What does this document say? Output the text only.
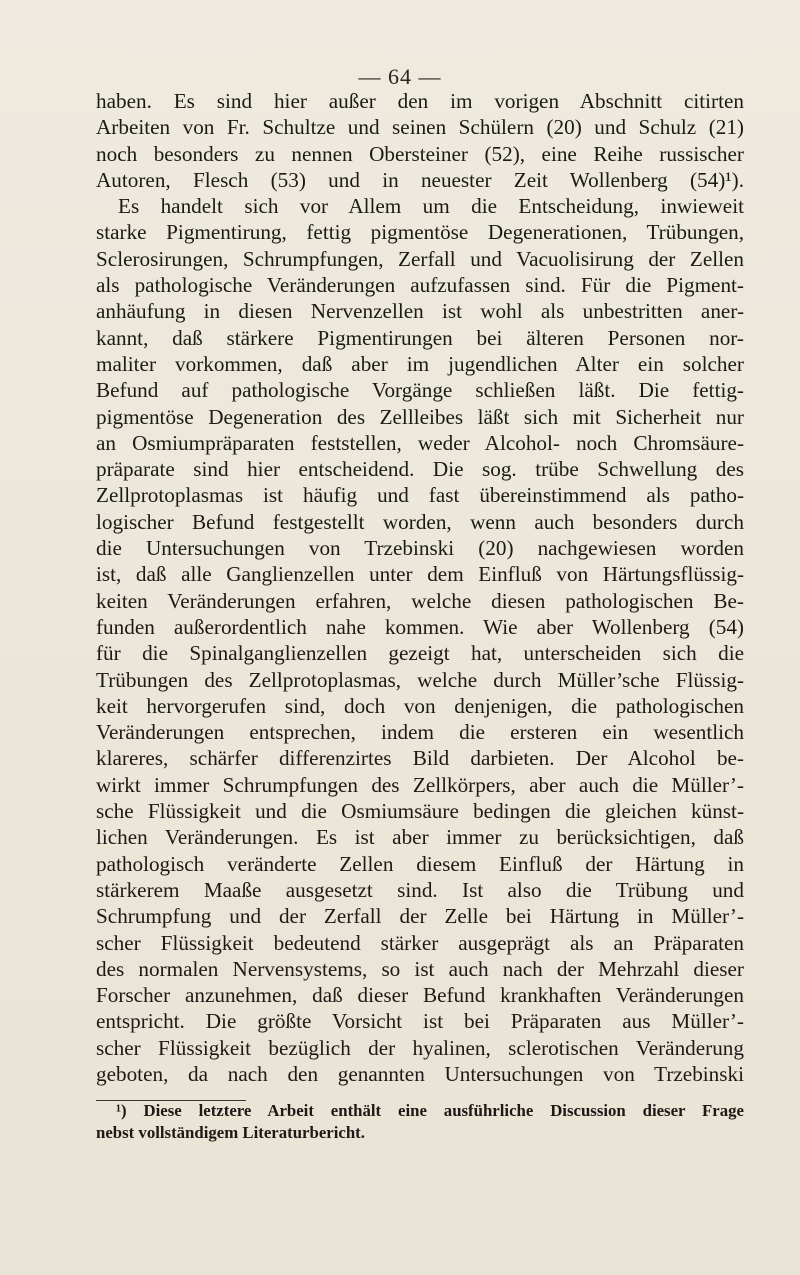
— 64 —
haben. Es sind hier außer den im vorigen Abschnitt citirten
Arbeiten von Fr. Schultze und seinen Schülern (20) und Schulz (21)
noch besonders zu nennen Obersteiner (52), eine Reihe russischer
Autoren, Flesch (53) und in neuester Zeit Wollenberg (54)¹).
Es handelt sich vor Allem um die Entscheidung, inwieweit
starke Pigmentirung, fettig pigmentöse Degenerationen, Trübungen,
Sclerosirungen, Schrumpfungen, Zerfall und Vacuolisirung der Zellen
als pathologische Veränderungen aufzufassen sind. Für die Pigment-
anhäufung in diesen Nervenzellen ist wohl als unbestritten aner-
kannt, daß stärkere Pigmentirungen bei älteren Personen nor-
maliter vorkommen, daß aber im jugendlichen Alter ein solcher
Befund auf pathologische Vorgänge schließen läßt. Die fettig-
pigmentöse Degeneration des Zellleibes läßt sich mit Sicherheit nur
an Osmiumpräparaten feststellen, weder Alcohol- noch Chromsäure-
präparate sind hier entscheidend. Die sog. trübe Schwellung des
Zellprotoplasmas ist häufig und fast übereinstimmend als patho-
logischer Befund festgestellt worden, wenn auch besonders durch
die Untersuchungen von Trzebinski (20) nachgewiesen worden
ist, daß alle Ganglienzellen unter dem Einfluß von Härtungsflüssig-
keiten Veränderungen erfahren, welche diesen pathologischen Be-
funden außerordentlich nahe kommen. Wie aber Wollenberg (54)
für die Spinalganglienzellen gezeigt hat, unterscheiden sich die
Trübungen des Zellprotoplasmas, welche durch Müller’sche Flüssig-
keit hervorgerufen sind, doch von denjenigen, die pathologischen
Veränderungen entsprechen, indem die ersteren ein wesentlich
klareres, schärfer differenzirtes Bild darbieten. Der Alcohol be-
wirkt immer Schrumpfungen des Zellkörpers, aber auch die Müller’-
sche Flüssigkeit und die Osmiumsäure bedingen die gleichen künst-
lichen Veränderungen. Es ist aber immer zu berücksichtigen, daß
pathologisch veränderte Zellen diesem Einfluß der Härtung in
stärkerem Maaße ausgesetzt sind. Ist also die Trübung und
Schrumpfung und der Zerfall der Zelle bei Härtung in Müller’-
scher Flüssigkeit bedeutend stärker ausgeprägt als an Präparaten
des normalen Nervensystems, so ist auch nach der Mehrzahl dieser
Forscher anzunehmen, daß dieser Befund krankhaften Veränderungen
entspricht. Die größte Vorsicht ist bei Präparaten aus Müller’-
scher Flüssigkeit bezüglich der hyalinen, sclerotischen Veränderung
geboten, da nach den genannten Untersuchungen von Trzebinski
¹) Diese letztere Arbeit enthält eine ausführliche Discussion dieser Frage
nebst vollständigem Literaturbericht.
